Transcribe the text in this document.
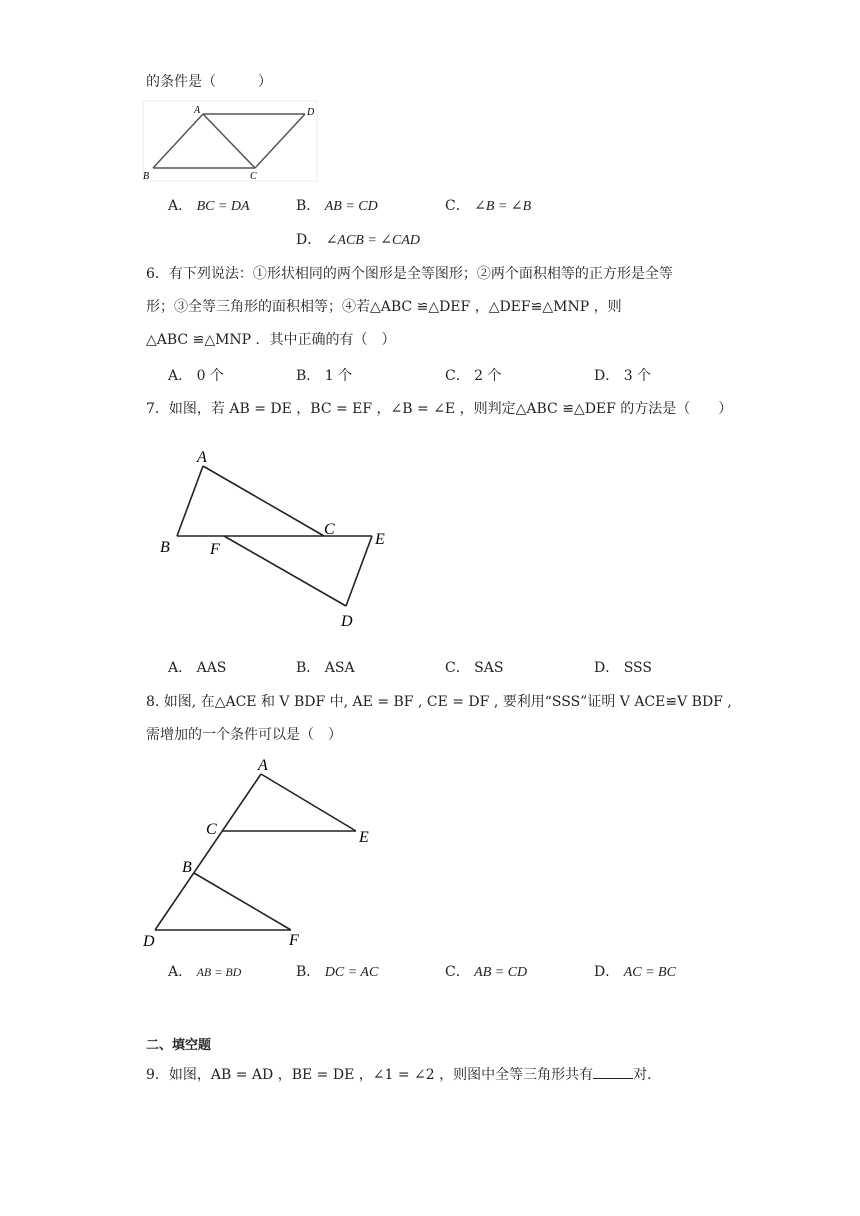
的条件是（　　　）
A	D
B	C
A． BC = DA	B． AB = CD	C． ∠B = ∠B
D． ∠ACB = ∠CAD
6．有下列说法：①形状相同的两个图形是全等图形；②两个面积相等的正方形是全等
形；③全等三角形的面积相等；④若△ABC ≌△DEF ，△DEF≌△MNP ，则
△ABC ≌△MNP ．其中正确的有（　）
A． 0 个	B． 1 个	C． 2 个	D． 3 个
7．如图，若 AB = DE ，BC = EF ，∠B = ∠E ，则判定△ABC ≌△DEF 的方法是（　　）
A
B	F
C
E
D
A． AAS	B． ASA	C． SAS	D． SSS
8. 如图, 在△ACE 和 V BDF 中, AE = BF , CE = DF , 要利用“SSS”证明 V ACE≌V BDF ,
需增加的一个条件可以是（　）
A
C	E
B
D	F
A． AB = BD	B． DC = AC	C． AB = CD	D． AC = BC
二、填空题
9．如图，AB = AD ，BE = DE ，∠1 = ∠2 ，则图中全等三角形共有	对．
